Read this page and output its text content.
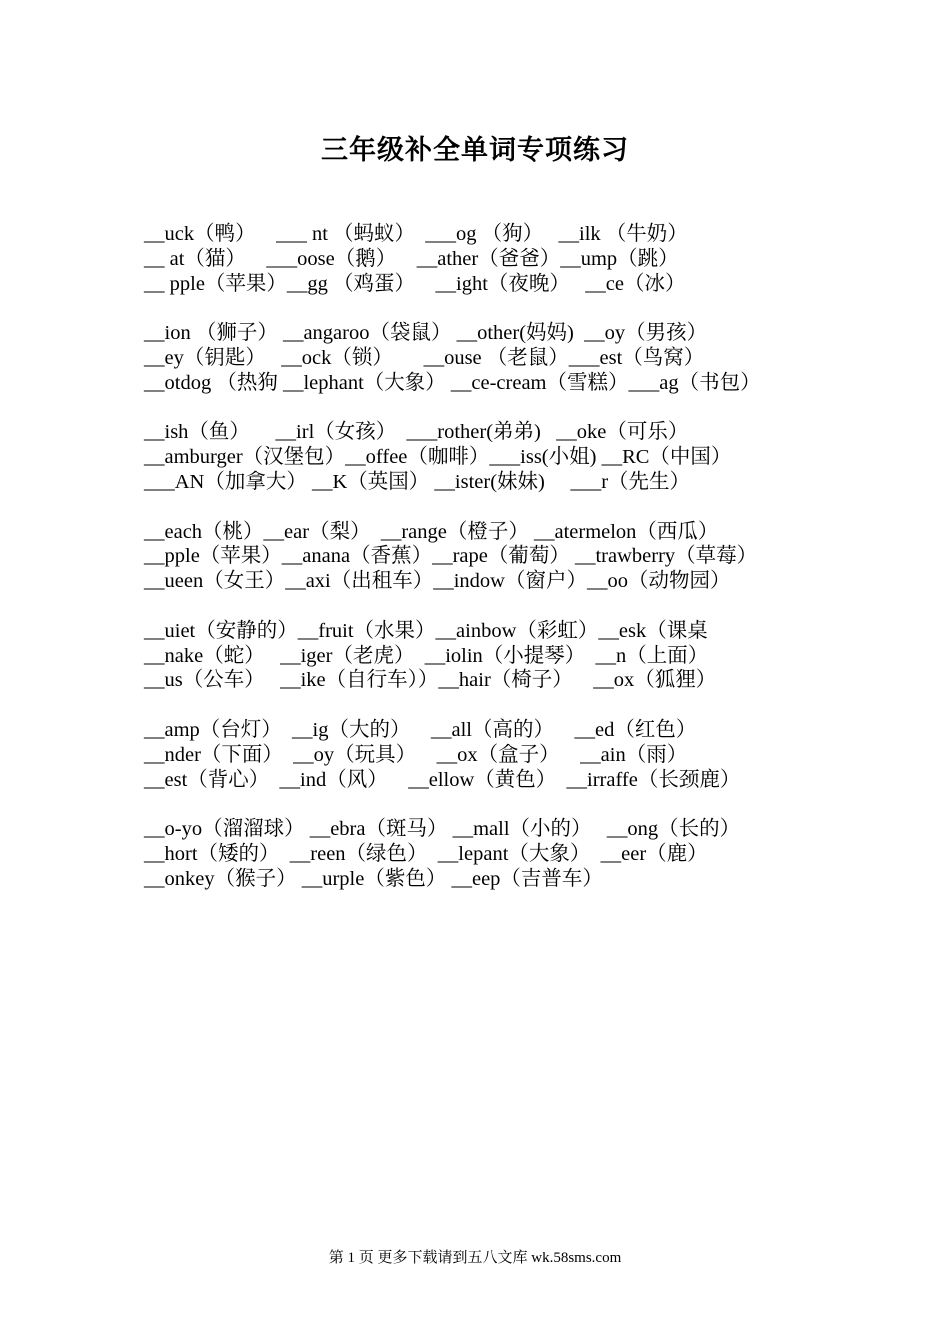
三年级补全单词专项练习
__uck（鸭）    ___ nt （蚂蚁）  ___og （狗）   __ilk （牛奶）
__ at（猫）    ___oose（鹅）    __ather（爸爸）__ump（跳）
__ pple（苹果）__gg （鸡蛋）    __ight（夜晚）   __ce（冰）
__ion （狮子） __angaroo（袋鼠） __other(妈妈)  __oy（男孩）
__ey（钥匙）   __ock（锁）      __ouse （老鼠）___est（鸟窝）
__otdog （热狗 __lephant（大象） __ce-cream（雪糕）___ag（书包）
__ish（鱼）     __irl（女孩）  ___rother(弟弟)   __oke（可乐）
__amburger（汉堡包）__offee（咖啡）___iss(小姐) __RC（中国）
___AN（加拿大） __K（英国） __ister(妹妹)     ___r（先生）
__each（桃）__ear（梨）  __range（橙子） __atermelon（西瓜）
__pple（苹果）__anana（香蕉）__rape（葡萄） __trawberry（草莓）
__ueen（女王）__axi（出租车）__indow（窗户）__oo（动物园）
__uiet（安静的）__fruit（水果）__ainbow（彩虹）__esk（课桌
__nake（蛇）   __iger（老虎）  __iolin（小提琴）  __n（上面）
__us（公车）   __ike（自行车））__hair（椅子）    __ox（狐狸）
__amp（台灯）  __ig（大的）    __all（高的）    __ed（红色）
__nder（下面）  __oy（玩具）    __ox（盒子）    __ain（雨）
__est（背心）  __ind（风）    __ellow（黄色）  __irraffe（长颈鹿）
__o-yo（溜溜球） __ebra（斑马） __mall（小的）   __ong（长的）
__hort（矮的）  __reen（绿色）  __lepant（大象）  __eer（鹿）
__onkey（猴子） __urple（紫色） __eep（吉普车）
第 1 页 更多下载请到五八文库 wk.58sms.com
